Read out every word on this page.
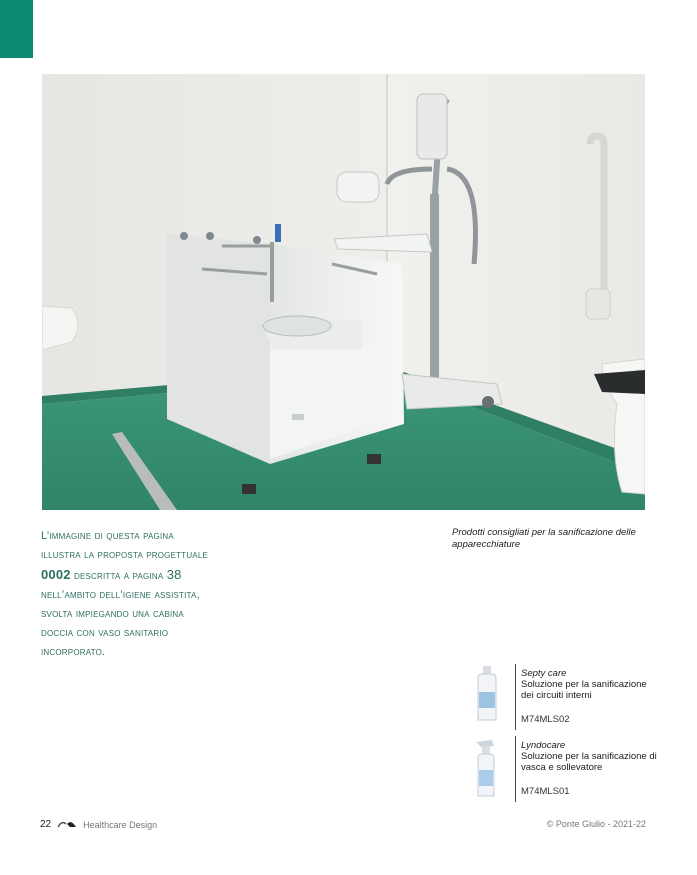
L’immagine di questa pagina
illustra la proposta progettuale
0002 descritta a pagina 38
nell’ambito dell’igiene assistita,
svolta impiegando una cabina
doccia con vaso sanitario
incorporato.

Prodotti consigliati per la sanificazione delle apparecchiature
Septy care
Soluzione per la sanificazione dei circuiti interni
M74MLS02
Lyndocare
Soluzione per la sanificazione di vasca e sollevatore
M74MLS01
22	Healthcare Design	© Ponte Giulio - 2021-22
